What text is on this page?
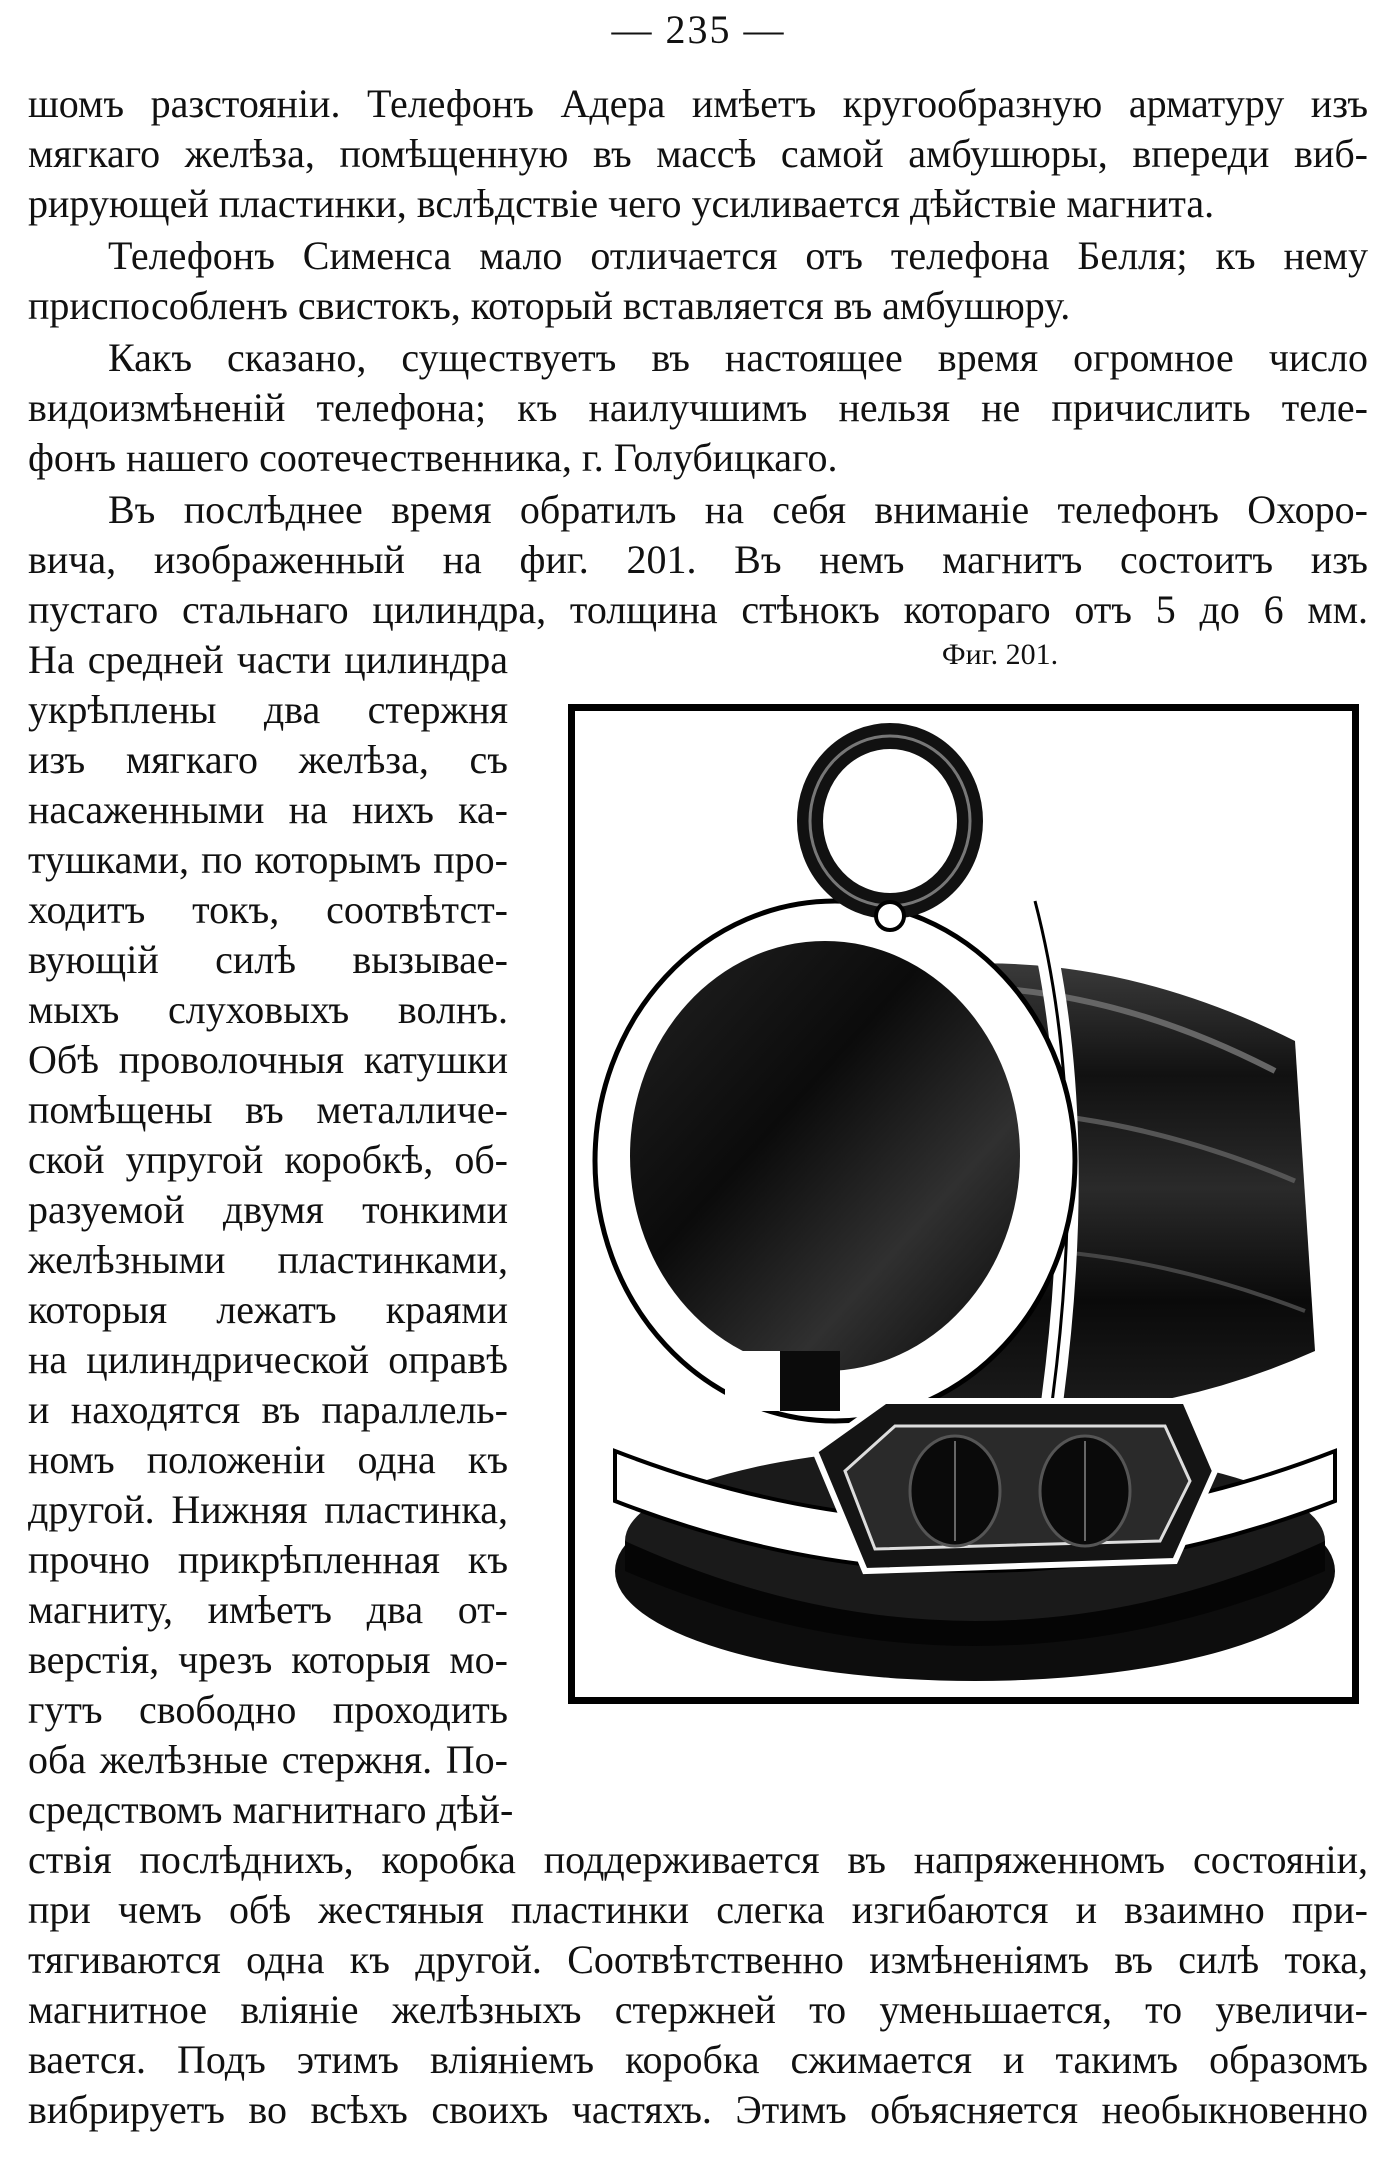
— 235 —
шомъ разстояніи. Телефонъ Адера имѣетъ кругообразную арматуру изъ
мягкаго желѣза, помѣщенную въ массѣ самой амбушюры, впереди виб-
рирующей пластинки, вслѣдствіе чего усиливается дѣйствіе магнита.
Телефонъ Сименса мало отличается отъ телефона Белля; къ нему
приспособленъ свистокъ, который вставляется въ амбушюру.
Какъ сказано, существуетъ въ настоящее время огромное число
видоизмѣненій телефона; къ наилучшимъ нельзя не причислить теле-
фонъ нашего соотечественника, г. Голубицкаго.
Въ послѣднее время обратилъ на себя вниманіе телефонъ Охоро-
вича, изображенный на фиг. 201. Въ немъ магнитъ состоитъ изъ
пустаго стальнаго цилиндра, толщина стѣнокъ котораго отъ 5 до 6 мм.
На средней части цилиндра
укрѣплены два стержня
изъ мягкаго желѣза, съ
насаженными на нихъ ка-
тушками, по которымъ про-
ходитъ токъ, соотвѣтст-
вующій силѣ вызывае-
мыхъ слуховыхъ волнъ.
Обѣ проволочныя катушки
помѣщены въ металличе-
ской упругой коробкѣ, об-
разуемой двумя тонкими
желѣзными пластинками,
которыя лежатъ краями
на цилиндрической оправѣ
и находятся въ параллель-
номъ положеніи одна къ
другой. Нижняя пластинка,
прочно прикрѣпленная къ
магниту, имѣетъ два от-
верстія, чрезъ которыя мо-
гутъ свободно проходить
оба желѣзные стержня. По-
средствомъ магнитнаго дѣй-
ствія послѣднихъ, коробка поддерживается въ напряженномъ состояніи,
при чемъ обѣ жестяныя пластинки слегка изгибаются и взаимно при-
тягиваются одна къ другой. Соотвѣтственно измѣненіямъ въ силѣ тока,
магнитное вліяніе желѣзныхъ стержней то уменьшается, то увеличи-
вается. Подъ этимъ вліяніемъ коробка сжимается и такимъ образомъ
вибрируетъ во всѣхъ своихъ частяхъ. Этимъ объясняется необыкновенно
Фиг. 201.
